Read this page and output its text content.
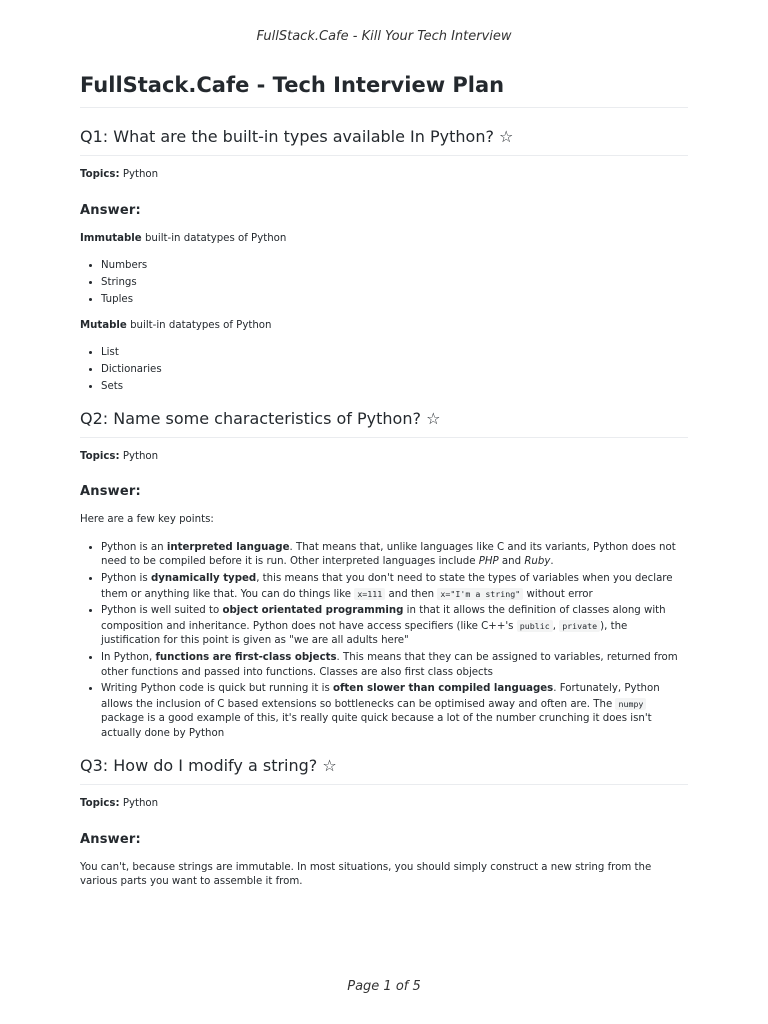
FullStack.Cafe - Kill Your Tech Interview
FullStack.Cafe - Tech Interview Plan
Q1: What are the built-in types available In Python? ☆

Topics: Python

Answer:

Immutable built-in datatypes of Python

• Numbers
• Strings
• Tuples

Mutable built-in datatypes of Python

• List
• Dictionaries
• Sets
Q2: Name some characteristics of Python? ☆

Topics: Python

Answer:

Here are a few key points:

• Python is an interpreted language. That means that, unlike languages like C and its variants, Python does not need to be compiled before it is run. Other interpreted languages include PHP and Ruby.
• Python is dynamically typed, this means that you don't need to state the types of variables when you declare them or anything like that. You can do things like x=111 and then x="I'm a string" without error
• Python is well suited to object orientated programming in that it allows the definition of classes along with composition and inheritance. Python does not have access specifiers (like C++'s public , private ), the justification for this point is given as "we are all adults here"
• In Python, functions are first-class objects. This means that they can be assigned to variables, returned from other functions and passed into functions. Classes are also first class objects
• Writing Python code is quick but running it is often slower than compiled languages. Fortunately, Python allows the inclusion of C based extensions so bottlenecks can be optimised away and often are. The numpy package is a good example of this, it's really quite quick because a lot of the number crunching it does isn't actually done by Python
Q3: How do I modify a string? ☆

Topics: Python

Answer:

You can't, because strings are immutable. In most situations, you should simply construct a new string from the various parts you want to assemble it from.

Page 1 of 5
